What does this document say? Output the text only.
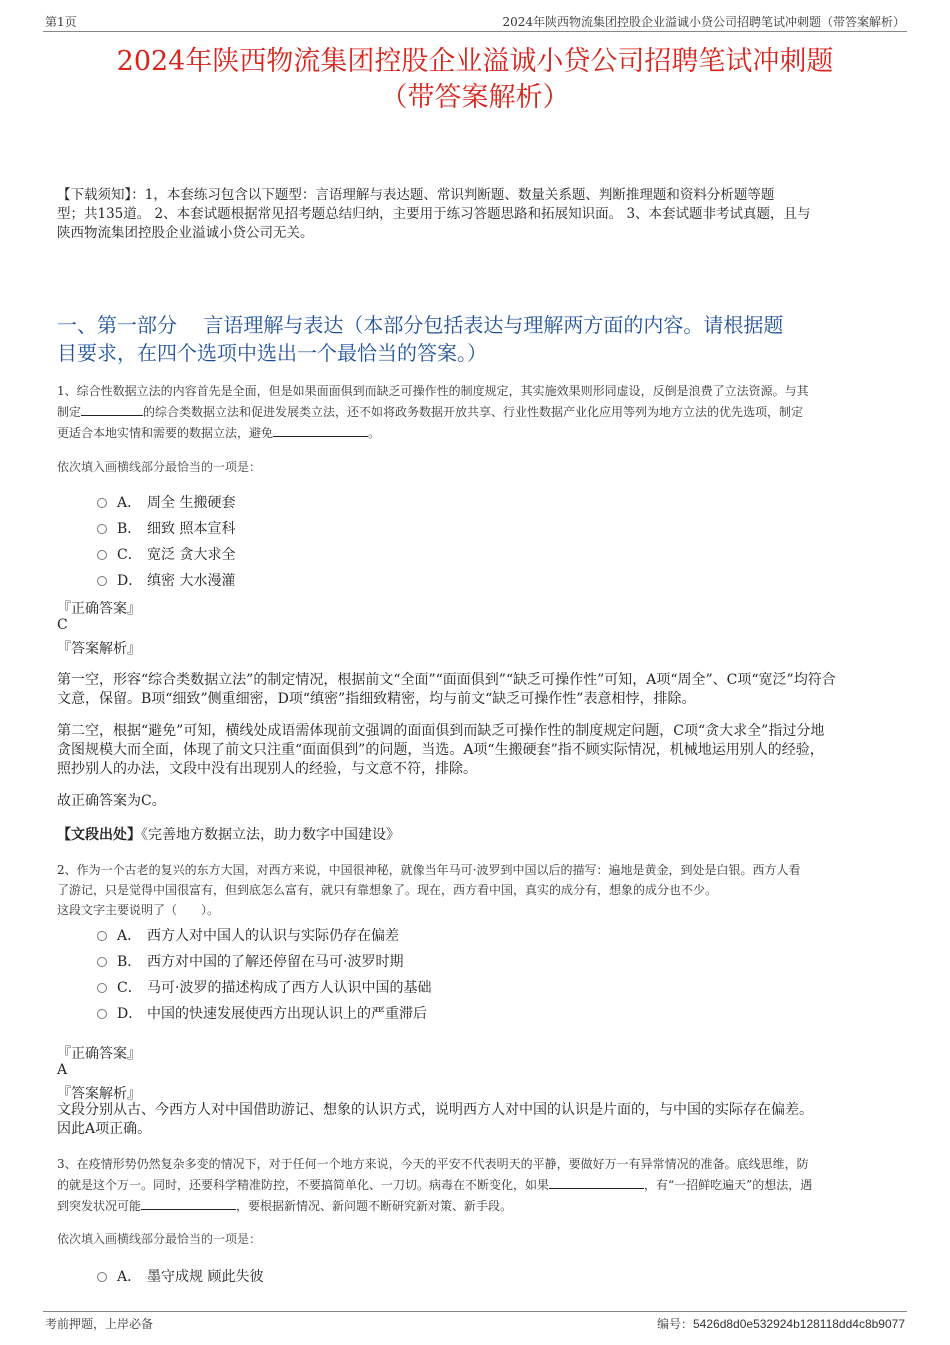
第1页	2024年陕西物流集团控股企业溢诚小贷公司招聘笔试冲刺题（带答案解析）
2024年陕西物流集团控股企业溢诚小贷公司招聘笔试冲刺题
（带答案解析）
【下载须知】：1，本套练习包含以下题型：言语理解与表达题、常识判断题、数量关系题、判断推理题和资料分析题等题
型；共135道。 2、本套试题根据常见招考题总结归纳，主要用于练习答题思路和拓展知识面。 3、本套试题非考试真题，且与
陕西物流集团控股企业溢诚小贷公司无关。
一、第一部分　 言语理解与表达（本部分包括表达与理解两方面的内容。请根据题
目要求，在四个选项中选出一个最恰当的答案。）
1、综合性数据立法的内容首先是全面，但是如果面面俱到而缺乏可操作性的制度规定，其实施效果则形同虚设，反倒是浪费了立法资源。与其
制定	的综合类数据立法和促进发展类立法，还不如将政务数据开放共享、行业性数据产业化应用等列为地方立法的优先选项，制定
更适合本地实情和需要的数据立法，避免	。
依次填入画横线部分最恰当的一项是：
A． 周全 生搬硬套
B． 细致 照本宣科
C． 宽泛 贪大求全
D． 缜密 大水漫灌
『正确答案』
C
『答案解析』
第一空，形容“综合类数据立法”的制定情况，根据前文“全面”“面面俱到”“缺乏可操作性”可知，A项“周全”、C项“宽泛”均符合
文意，保留。B项“细致”侧重细密，D项“缜密”指细致精密，均与前文“缺乏可操作性”表意相悖，排除。
第二空，根据“避免”可知，横线处成语需体现前文强调的面面俱到而缺乏可操作性的制度规定问题，C项“贪大求全”指过分地
贪图规模大而全面，体现了前文只注重“面面俱到”的问题，当选。A项“生搬硬套”指不顾实际情况，机械地运用别人的经验，
照抄别人的办法，文段中没有出现别人的经验，与文意不符，排除。
故正确答案为C。
【文段出处】《完善地方数据立法，助力数字中国建设》
2、作为一个古老的复兴的东方大国，对西方来说，中国很神秘，就像当年马可·波罗到中国以后的描写：遍地是黄金，到处是白银。西方人看
了游记，只是觉得中国很富有，但到底怎么富有，就只有靠想象了。现在，西方看中国，真实的成分有，想象的成分也不少。
这段文字主要说明了（　　）。
A． 西方人对中国人的认识与实际仍存在偏差
B． 西方对中国的了解还停留在马可·波罗时期
C． 马可·波罗的描述构成了西方人认识中国的基础
D． 中国的快速发展使西方出现认识上的严重滞后
『正确答案』
A
『答案解析』
文段分别从古、今西方人对中国借助游记、想象的认识方式，说明西方人对中国的认识是片面的，与中国的实际存在偏差。
因此A项正确。
3、在疫情形势仍然复杂多变的情况下，对于任何一个地方来说，今天的平安不代表明天的平静，要做好万一有异常情况的准备。底线思维，防
的就是这个万一。同时，还要科学精准防控，不要搞简单化、一刀切。病毒在不断变化，如果	，有“一招鲜吃遍天”的想法，遇
到突发状况可能	，要根据新情况、新问题不断研究新对策、新手段。
依次填入画横线部分最恰当的一项是：
A． 墨守成规 顾此失彼
考前押题，上岸必备	编号：5426d8d0e532924b128118dd4c8b9077
